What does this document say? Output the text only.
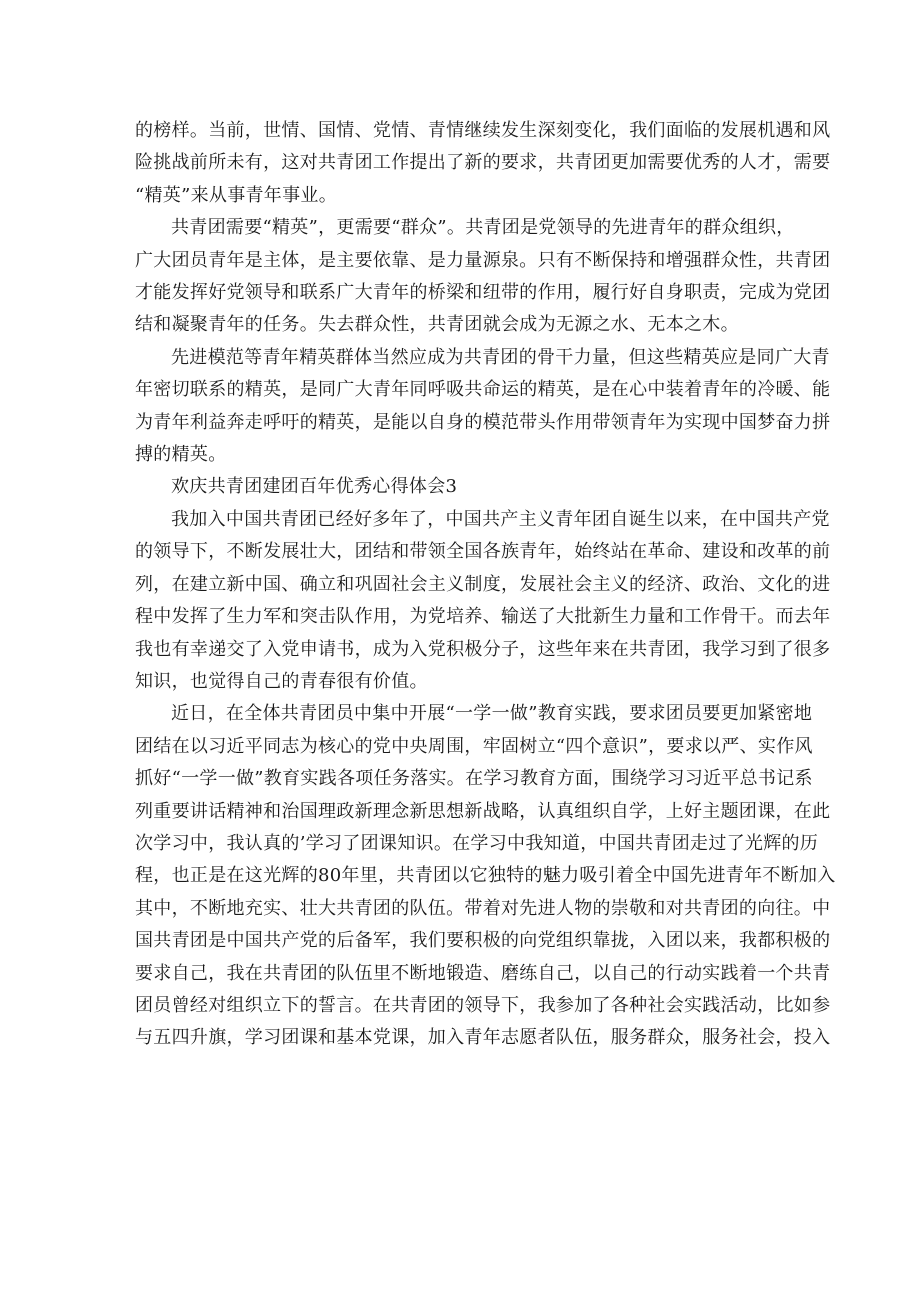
的榜样。当前，世情、国情、党情、青情继续发生深刻变化，我们面临的发展机遇和风
险挑战前所未有，这对共青团工作提出了新的要求，共青团更加需要优秀的人才，需要
“精英”来从事青年事业。

共青团需要“精英”，更需要“群众”。共青团是党领导的先进青年的群众组织，
广大团员青年是主体，是主要依靠、是力量源泉。只有不断保持和增强群众性，共青团
才能发挥好党领导和联系广大青年的桥梁和纽带的作用，履行好自身职责，完成为党团
结和凝聚青年的任务。失去群众性，共青团就会成为无源之水、无本之木。

先进模范等青年精英群体当然应成为共青团的骨干力量，但这些精英应是同广大青
年密切联系的精英，是同广大青年同呼吸共命运的精英，是在心中装着青年的冷暖、能
为青年利益奔走呼吁的精英，是能以自身的模范带头作用带领青年为实现中国梦奋力拼
搏的精英。

欢庆共青团建团百年优秀心得体会3

我加入中国共青团已经好多年了，中国共产主义青年团自诞生以来，在中国共产党
的领导下，不断发展壮大，团结和带领全国各族青年，始终站在革命、建设和改革的前
列，在建立新中国、确立和巩固社会主义制度，发展社会主义的经济、政治、文化的进
程中发挥了生力军和突击队作用，为党培养、输送了大批新生力量和工作骨干。而去年
我也有幸递交了入党申请书，成为入党积极分子，这些年来在共青团，我学习到了很多
知识，也觉得自己的青春很有价值。

近日，在全体共青团员中集中开展“一学一做”教育实践，要求团员要更加紧密地
团结在以习近平同志为核心的党中央周围，牢固树立“四个意识”，要求以严、实作风
抓好“一学一做”教育实践各项任务落实。在学习教育方面，围绕学习习近平总书记系
列重要讲话精神和治国理政新理念新思想新战略，认真组织自学，上好主题团课，在此
次学习中，我认真的’学习了团课知识。在学习中我知道，中国共青团走过了光辉的历
程，也正是在这光辉的80年里，共青团以它独特的魅力吸引着全中国先进青年不断加入
其中，不断地充实、壮大共青团的队伍。带着对先进人物的崇敬和对共青团的向往。中
国共青团是中国共产党的后备军，我们要积极的向党组织靠拢，入团以来，我都积极的
要求自己，我在共青团的队伍里不断地锻造、磨练自己，以自己的行动实践着一个共青
团员曾经对组织立下的誓言。在共青团的领导下，我参加了各种社会实践活动，比如参
与五四升旗，学习团课和基本党课，加入青年志愿者队伍，服务群众，服务社会，投入
